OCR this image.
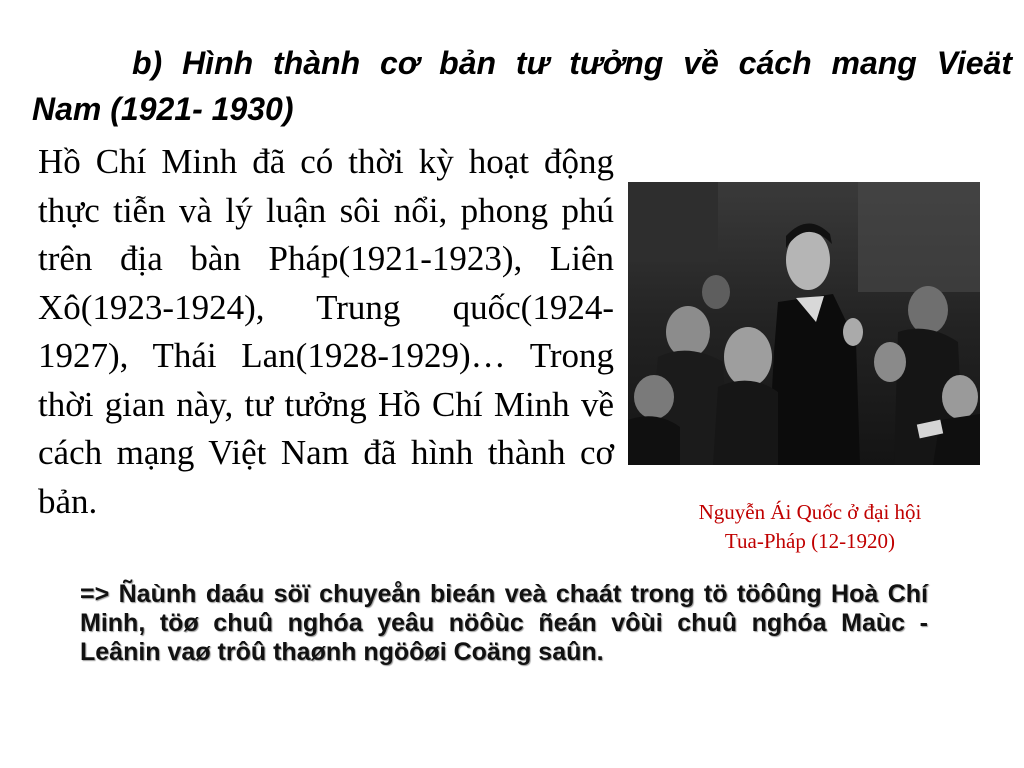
b) Hình thành cơ bản tư tưởng về cách mang Vieät
Nam (1921- 1930)

Hồ Chí Minh đã có thời kỳ hoạt động thực tiễn và lý luận sôi nổi, phong phú trên địa bàn Pháp(1921-1923), Liên Xô(1923-1924), Trung quốc(1924-1927), Thái Lan(1928-1929)… Trong thời gian này, tư tưởng Hồ Chí Minh về cách mạng Việt Nam đã hình thành cơ bản.	Nguyễn Ái Quốc ở đại hội
Tua-Pháp (12-1920)

=> Ñaùnh daáu söï chuyeån bieán veà chaát trong tö töôûng Hoà Chí Minh, töø chuû nghóa yeâu nöôùc ñeán vôùi chuû nghóa Maùc - Leânin vaø trôû thaønh ngöôøi Coäng saûn.
